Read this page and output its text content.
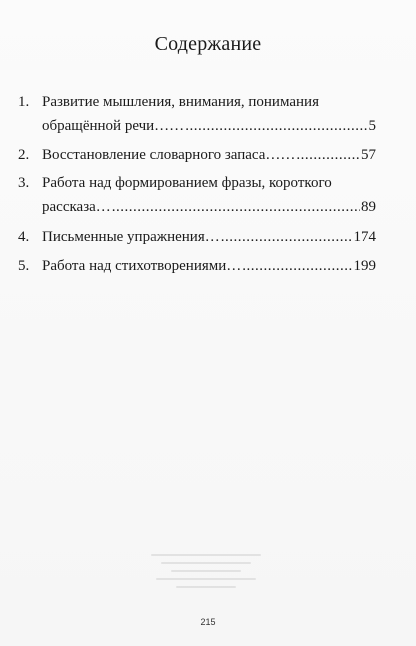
Содержание
1. Развитие мышления, внимания, понимания
обращённой речи…… .....	5
2. Восстановление словарного запаса…… .....	57
3. Работа над формированием фразы, короткого
рассказа… .....	89
4. Письменные упражнения… .....	174
5. Работа над стихотворениями… .....	199
215
